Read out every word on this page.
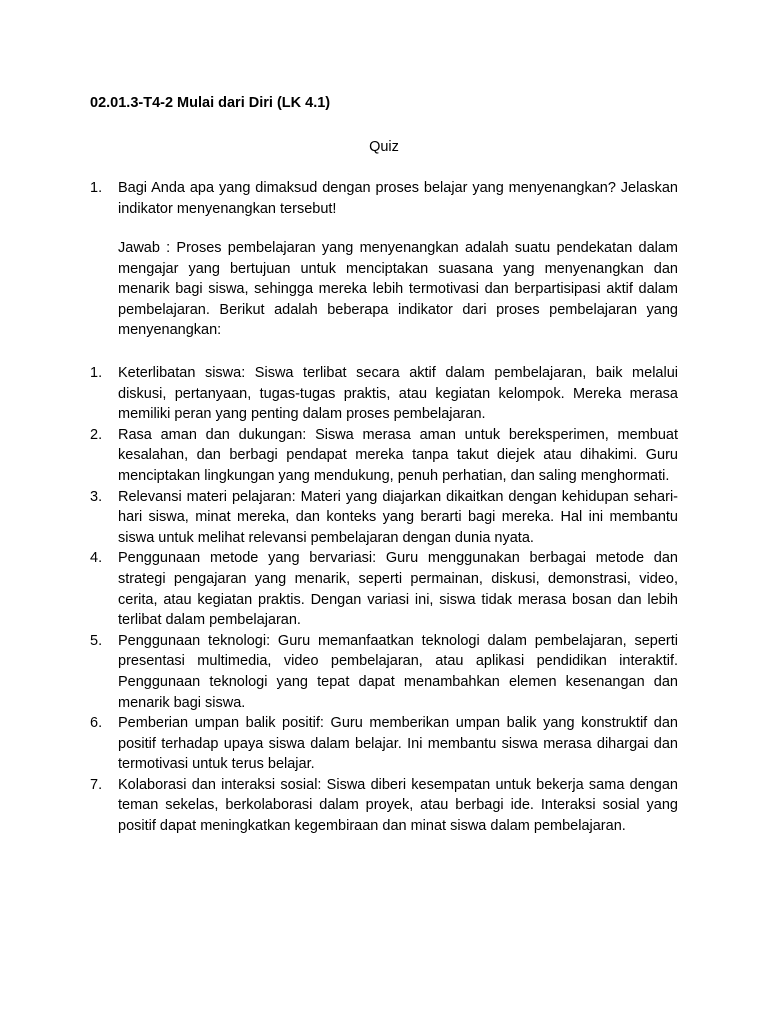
02.01.3-T4-2 Mulai dari Diri (LK 4.1)

Quiz

1.	Bagi Anda apa yang dimaksud dengan proses belajar yang menyenangkan? Jelaskan indikator menyenangkan tersebut!

Jawab : Proses pembelajaran yang menyenangkan adalah suatu pendekatan dalam mengajar yang bertujuan untuk menciptakan suasana yang menyenangkan dan menarik bagi siswa, sehingga mereka lebih termotivasi dan berpartisipasi aktif dalam pembelajaran. Berikut adalah beberapa indikator dari proses pembelajaran yang menyenangkan:

1.	Keterlibatan siswa: Siswa terlibat secara aktif dalam pembelajaran, baik melalui diskusi, pertanyaan, tugas-tugas praktis, atau kegiatan kelompok. Mereka merasa memiliki peran yang penting dalam proses pembelajaran.
2.	Rasa aman dan dukungan: Siswa merasa aman untuk bereksperimen, membuat kesalahan, dan berbagi pendapat mereka tanpa takut diejek atau dihakimi. Guru menciptakan lingkungan yang mendukung, penuh perhatian, dan saling menghormati.
3.	Relevansi materi pelajaran: Materi yang diajarkan dikaitkan dengan kehidupan sehari-hari siswa, minat mereka, dan konteks yang berarti bagi mereka. Hal ini membantu siswa untuk melihat relevansi pembelajaran dengan dunia nyata.
4.	Penggunaan metode yang bervariasi: Guru menggunakan berbagai metode dan strategi pengajaran yang menarik, seperti permainan, diskusi, demonstrasi, video, cerita, atau kegiatan praktis. Dengan variasi ini, siswa tidak merasa bosan dan lebih terlibat dalam pembelajaran.
5.	Penggunaan teknologi: Guru memanfaatkan teknologi dalam pembelajaran, seperti presentasi multimedia, video pembelajaran, atau aplikasi pendidikan interaktif. Penggunaan teknologi yang tepat dapat menambahkan elemen kesenangan dan menarik bagi siswa.
6.	Pemberian umpan balik positif: Guru memberikan umpan balik yang konstruktif dan positif terhadap upaya siswa dalam belajar. Ini membantu siswa merasa dihargai dan termotivasi untuk terus belajar.
7.	Kolaborasi dan interaksi sosial: Siswa diberi kesempatan untuk bekerja sama dengan teman sekelas, berkolaborasi dalam proyek, atau berbagi ide. Interaksi sosial yang positif dapat meningkatkan kegembiraan dan minat siswa dalam pembelajaran.
